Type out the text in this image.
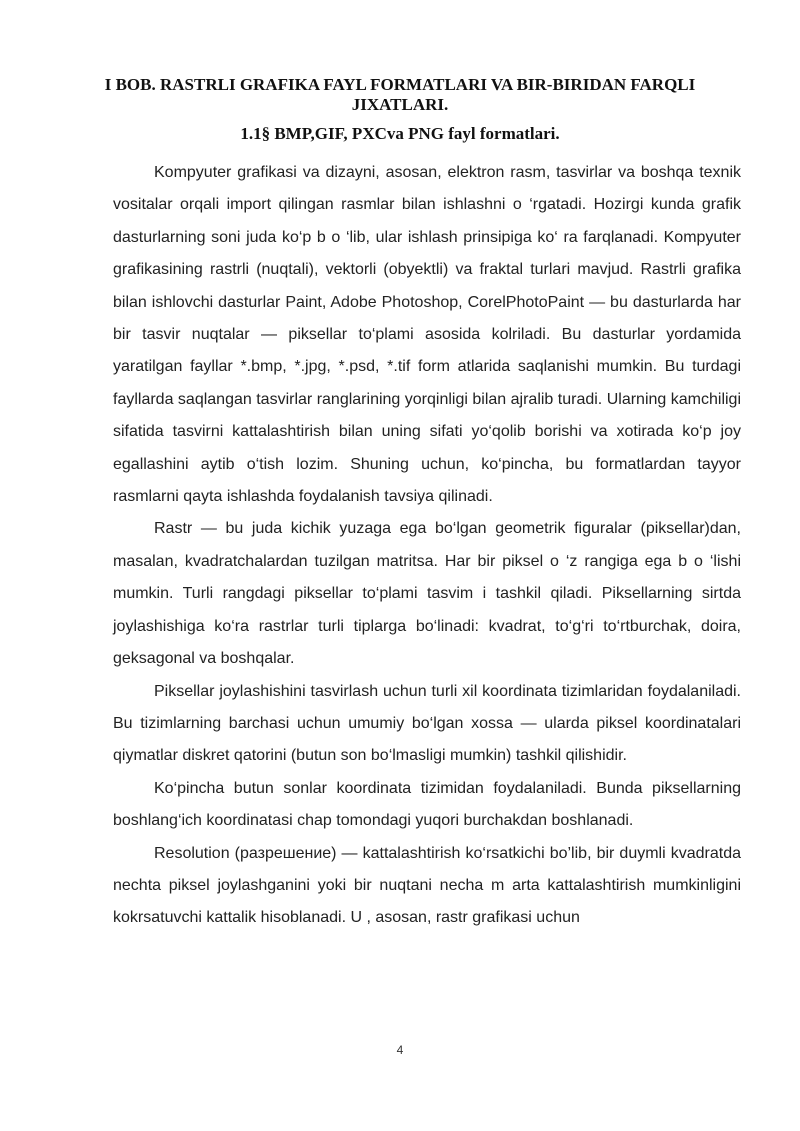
I BOB. RASTRLI GRAFIKA FAYL FORMATLARI VA BIR-BIRIDAN FARQLI JIXATLARI.
1.1§ BMP,GIF, PXCva PNG fayl formatlari.

Kompyuter grafikasi va dizayni, asosan, elektron rasm, tasvirlar va boshqa texnik vositalar orqali import qilingan rasmlar bilan ishlashni o ‘rgatadi. Hozirgi kunda grafik dasturlarning soni juda ko‘p b o ‘lib, ular ishlash prinsipiga ko‘ ra farqlanadi. Kompyuter grafikasining rastrli (nuqtali), vektorli (obyektli) va fraktal turlari mavjud. Rastrli grafika bilan ishlovchi dasturlar Paint, Adobe Photoshop, CorelPhotoPaint — bu dasturlarda har bir tasvir nuqtalar — piksellar to‘plami asosida kolriladi. Bu dasturlar yordamida yaratilgan fayllar *.bmp, *.jpg, *.psd, *.tif form atlarida saqlanishi mumkin. Bu turdagi fayllarda saqlangan tasvirlar ranglarining yorqinligi bilan ajralib turadi. Ularning kamchiligi sifatida tasvirni kattalashtirish bilan uning sifati yo‘qolib borishi va xotirada ko‘p joy egallashini aytib o‘tish lozim. Shuning uchun, ko‘pincha, bu formatlardan tayyor rasmlarni qayta ishlashda foydalanish tavsiya qilinadi.

Rastr — bu juda kichik yuzaga ega bo‘lgan geometrik figuralar (piksellar)dan, masalan, kvadratchalardan tuzilgan matritsa. Har bir piksel o ‘z rangiga ega b o ‘lishi mumkin. Turli rangdagi piksellar to‘plami tasvim i tashkil qiladi. Piksellarning sirtda joylashishiga ko‘ra rastrlar turli tiplarga bo‘linadi: kvadrat, to‘g‘ri to‘rtburchak, doira, geksagonal va boshqalar.

Piksellar joylashishini tasvirlash uchun turli xil koordinata tizimlaridan foydalaniladi. Bu tizimlarning barchasi uchun umumiy bo‘lgan xossa — ularda piksel koordinatalari qiymatlar diskret qatorini (butun son bo‘lmasligi mumkin) tashkil qilishidir.

Ko‘pincha butun sonlar koordinata tizimidan foydalaniladi. Bunda piksellarning boshlang‘ich koordinatasi chap tomondagi yuqori burchakdan boshlanadi.

Resolution (разрешение) — kattalashtirish ko‘rsatkichi bo’lib, bir duymli kvadratda nechta piksel joylashganini yoki bir nuqtani necha m arta kattalashtirish mumkinligini kokrsatuvchi kattalik hisoblanadi. U , asosan, rastr grafikasi uchun

4
